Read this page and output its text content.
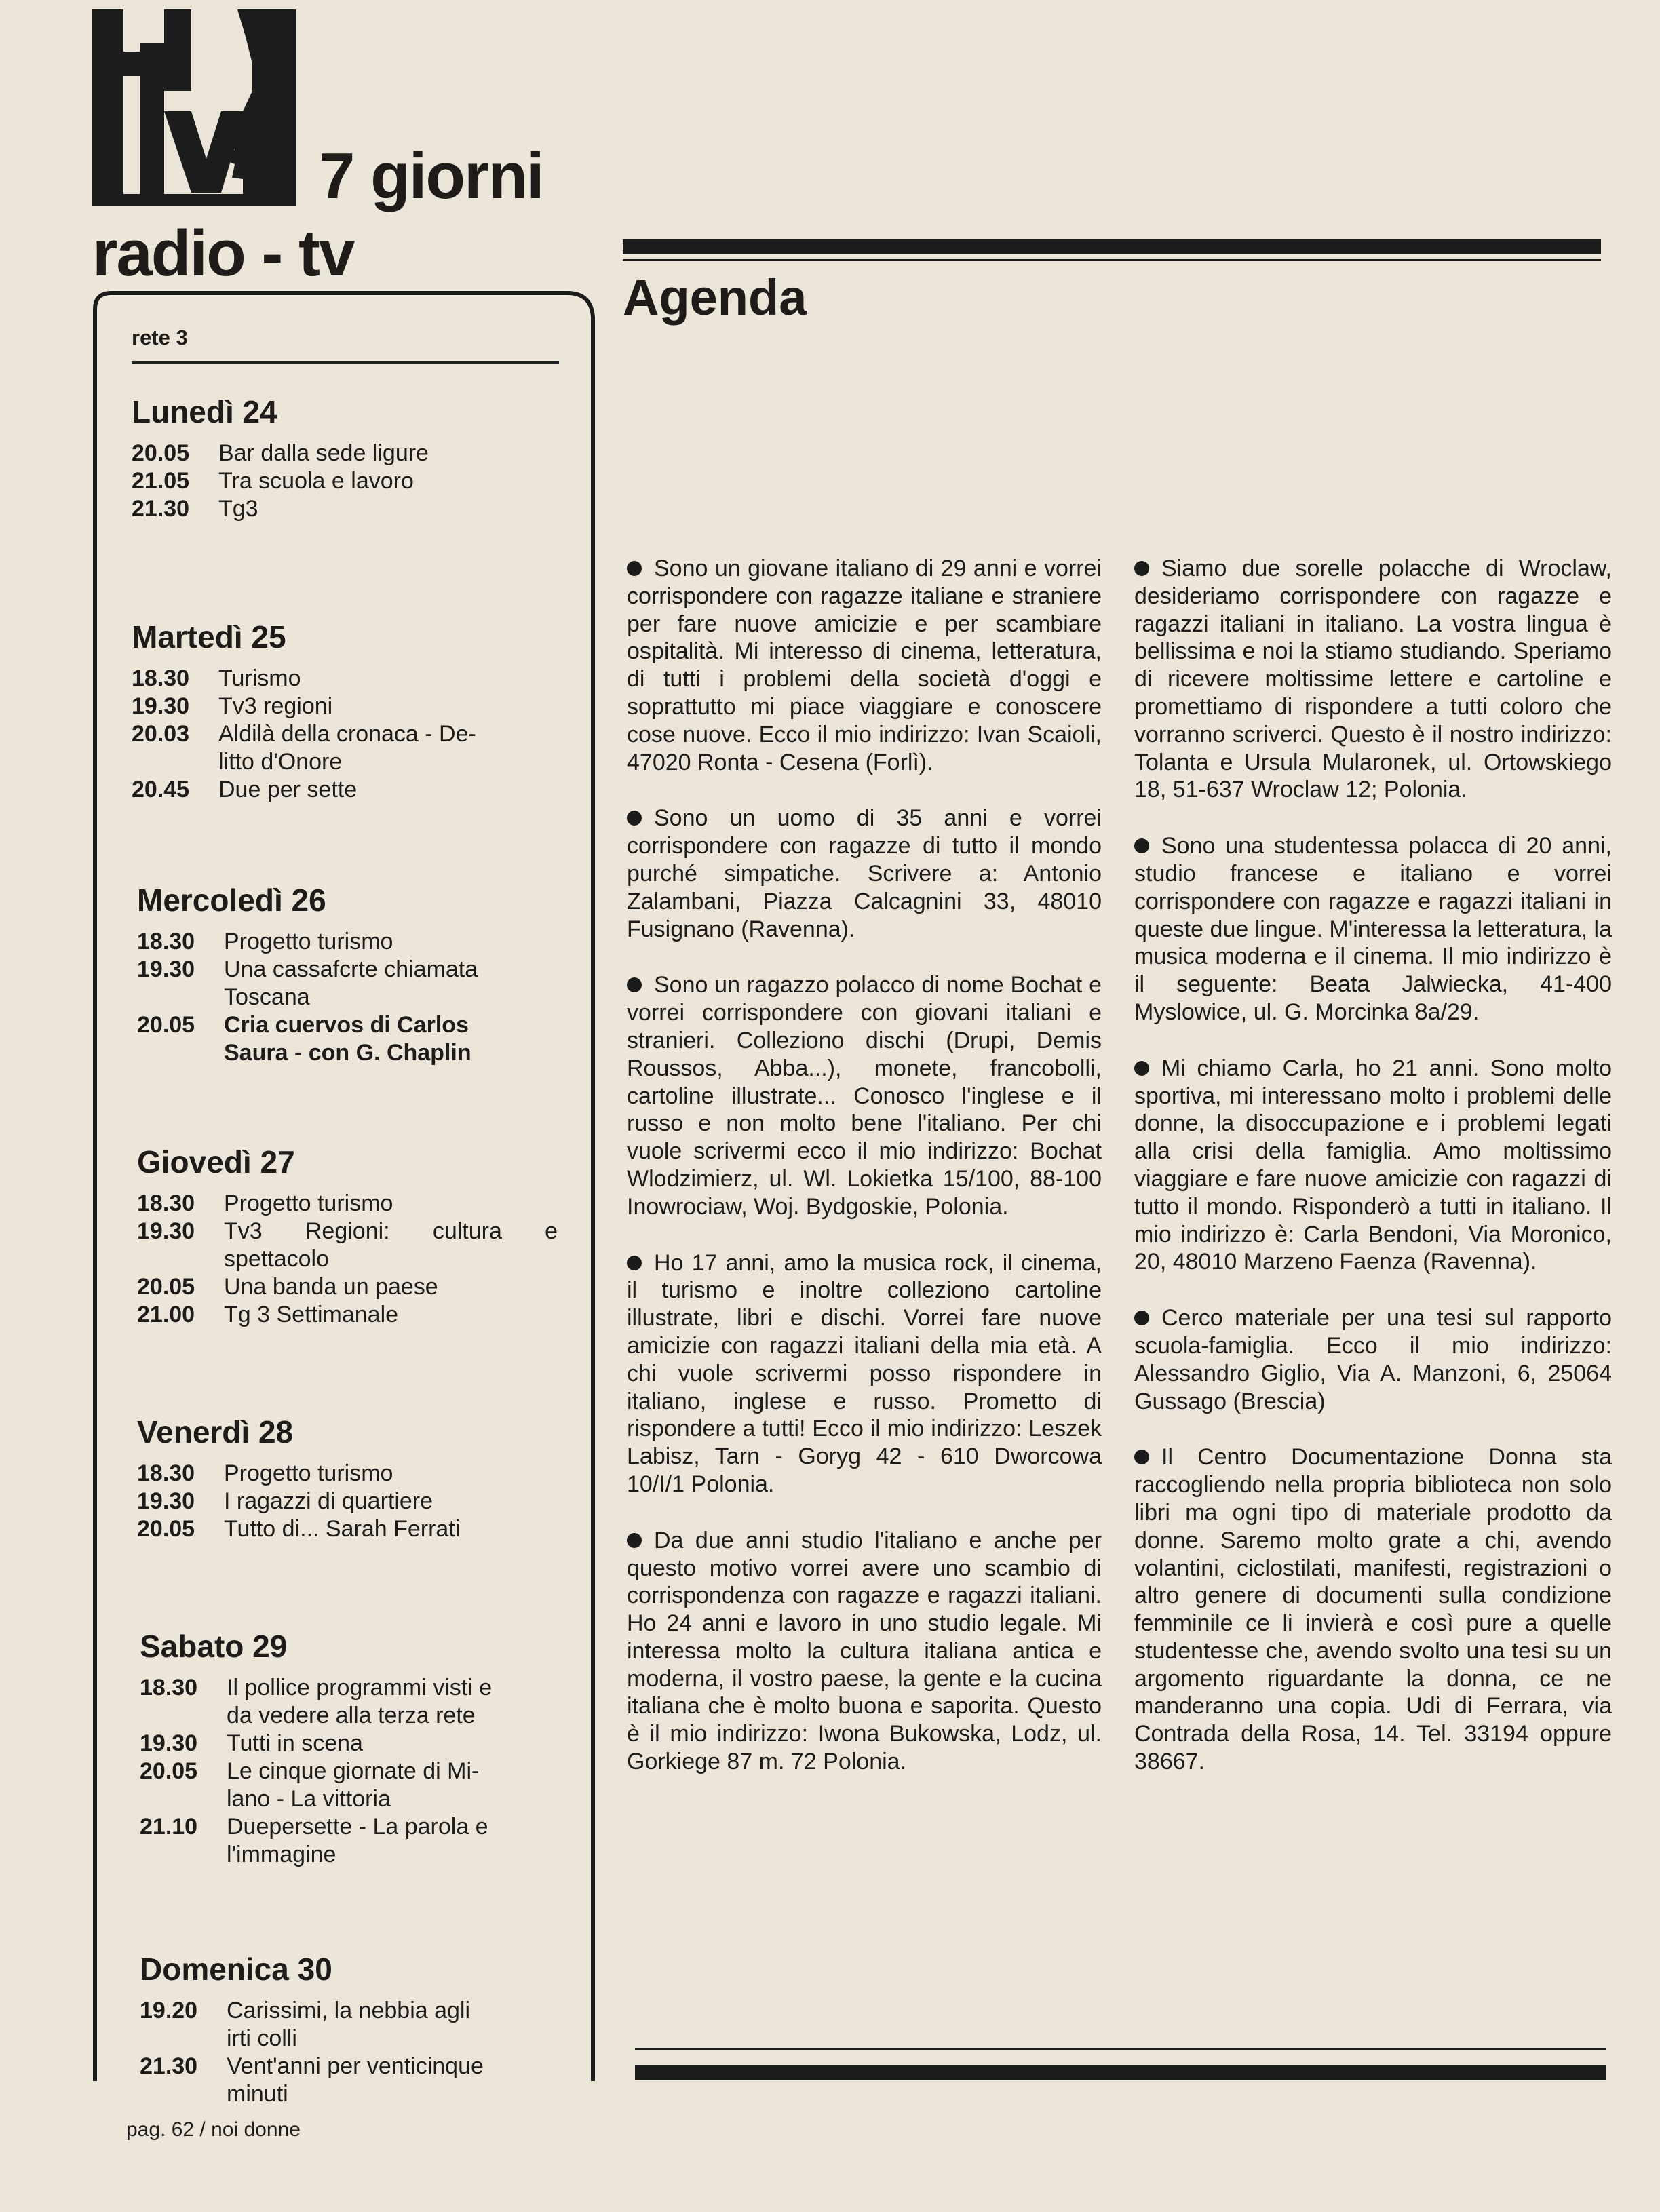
7 giorni
radio - tv
rete 3
Lunedì 24
20.05	Bar dalla sede ligure
21.05	Tra scuola e lavoro
21.30	Tg3
Martedì 25
18.30	Turismo
19.30	Tv3 regioni
20.03	Aldilà della cronaca - De-
litto d'Onore
20.45	Due per sette
Mercoledì 26
18.30	Progetto turismo
19.30	Una cassafcrte chiamata
Toscana
20.05	Cria cuervos di Carlos
Saura - con G. Chaplin
Giovedì 27
18.30	Progetto turismo
19.30	Tv3 Regioni: cultura e
spettacolo
20.05	Una banda un paese
21.00	Tg 3 Settimanale
Venerdì 28
18.30	Progetto turismo
19.30	I ragazzi di quartiere
20.05	Tutto di... Sarah Ferrati
Sabato 29
18.30	Il pollice programmi visti e
da vedere alla terza rete
19.30	Tutti in scena
20.05	Le cinque giornate di Mi-
lano - La vittoria
21.10	Duepersette - La parola e
l'immagine
Domenica 30
19.20	Carissimi, la nebbia agli
irti colli
21.30	Vent'anni per venticinque
minuti
Agenda
Sono un giovane italiano di 29 anni e vorrei corrispondere con ragazze italiane e straniere per fare nuove amicizie e per scambiare ospitalità. Mi interesso di cinema, letteratura, di tutti i problemi della società d'oggi e soprattutto mi piace viaggiare e conoscere cose nuove. Ecco il mio indirizzo: Ivan Scaioli, 47020 Ronta - Cesena (Forlì).
Sono un uomo di 35 anni e vorrei corrispondere con ragazze di tutto il mondo purché simpatiche. Scrivere a: Antonio Zalambani, Piazza Calcagnini 33, 48010 Fusignano (Ravenna).
Sono un ragazzo polacco di nome Bochat e vorrei corrispondere con giovani italiani e stranieri. Colleziono dischi (Drupi, Demis Roussos, Abba...), monete, francobolli, cartoline illustrate... Conosco l'inglese e il russo e non molto bene l'italiano. Per chi vuole scrivermi ecco il mio indirizzo: Bochat Wlodzimierz, ul. Wl. Lokietka 15/100, 88-100 Inowrociaw, Woj. Bydgoskie, Polonia.
Ho 17 anni, amo la musica rock, il cinema, il turismo e inoltre colleziono cartoline illustrate, libri e dischi. Vorrei fare nuove amicizie con ragazzi italiani della mia età. A chi vuole scrivermi posso rispondere in italiano, inglese e russo. Prometto di rispondere a tutti! Ecco il mio indirizzo: Leszek Labisz, Tarn - Goryg 42 - 610 Dworcowa 10/I/1 Polonia.
Da due anni studio l'italiano e anche per questo motivo vorrei avere uno scambio di corrispondenza con ragazze e ragazzi italiani. Ho 24 anni e lavoro in uno studio legale. Mi interessa molto la cultura italiana antica e moderna, il vostro paese, la gente e la cucina italiana che è molto buona e saporita. Questo è il mio indirizzo: Iwona Bukowska, Lodz, ul. Gorkiege 87 m. 72 Polonia.
Siamo due sorelle polacche di Wroclaw, desideriamo corrispondere con ragazze e ragazzi italiani in italiano. La vostra lingua è bellissima e noi la stiamo studiando. Speriamo di ricevere moltissime lettere e cartoline e promettiamo di rispondere a tutti coloro che vorranno scriverci. Questo è il nostro indirizzo: Tolanta e Ursula Mularonek, ul. Ortowskiego 18, 51-637 Wroclaw 12; Polonia.
Sono una studentessa polacca di 20 anni, studio francese e italiano e vorrei corrispondere con ragazze e ragazzi italiani in queste due lingue. M'interessa la letteratura, la musica moderna e il cinema. Il mio indirizzo è il seguente: Beata Jalwiecka, 41-400 Myslowice, ul. G. Morcinka 8a/29.
Mi chiamo Carla, ho 21 anni. Sono molto sportiva, mi interessano molto i problemi delle donne, la disoccupazione e i problemi legati alla crisi della famiglia. Amo moltissimo viaggiare e fare nuove amicizie con ragazzi di tutto il mondo. Risponderò a tutti in italiano. Il mio indirizzo è: Carla Bendoni, Via Moronico, 20, 48010 Marzeno Faenza (Ravenna).
Cerco materiale per una tesi sul rapporto scuola-famiglia. Ecco il mio indirizzo: Alessandro Giglio, Via A. Manzoni, 6, 25064 Gussago (Brescia)
Il Centro Documentazione Donna sta raccogliendo nella propria biblioteca non solo libri ma ogni tipo di materiale prodotto da donne. Saremo molto grate a chi, avendo volantini, ciclostilati, manifesti, registrazioni o altro genere di documenti sulla condizione femminile ce li invierà e così pure a quelle studentesse che, avendo svolto una tesi su un argomento riguardante la donna, ce ne manderanno una copia. Udi di Ferrara, via Contrada della Rosa, 14. Tel. 33194 oppure 38667.
pag. 62 / noi donne
